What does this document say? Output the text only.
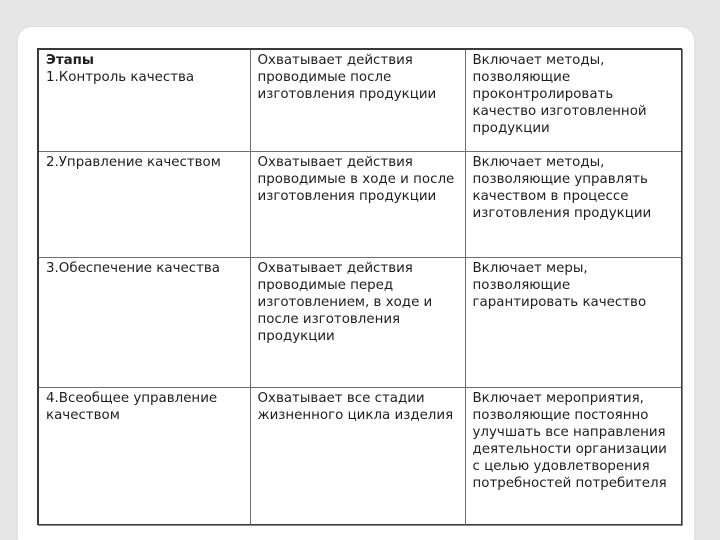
Этапы
1.Контроль качества	Охватывает действия проводимые после изготовления продукции	Включает методы, позволяющие проконтролировать качество изготовленной продукции
2.Управление качеством	Охватывает действия проводимые в ходе и после изготовления продукции	Включает методы, позволяющие управлять качеством в процессе изготовления продукции
3.Обеспечение качества	Охватывает действия проводимые перед изготовлением, в ходе и после изготовления продукции	Включает меры, позволяющие гарантировать качество
4.Всеобщее управление качеством	Охватывает все стадии жизненного цикла изделия	Включает мероприятия, позволяющие постоянно улучшать все направления деятельности организации с целью удовлетворения потребностей потребителя
